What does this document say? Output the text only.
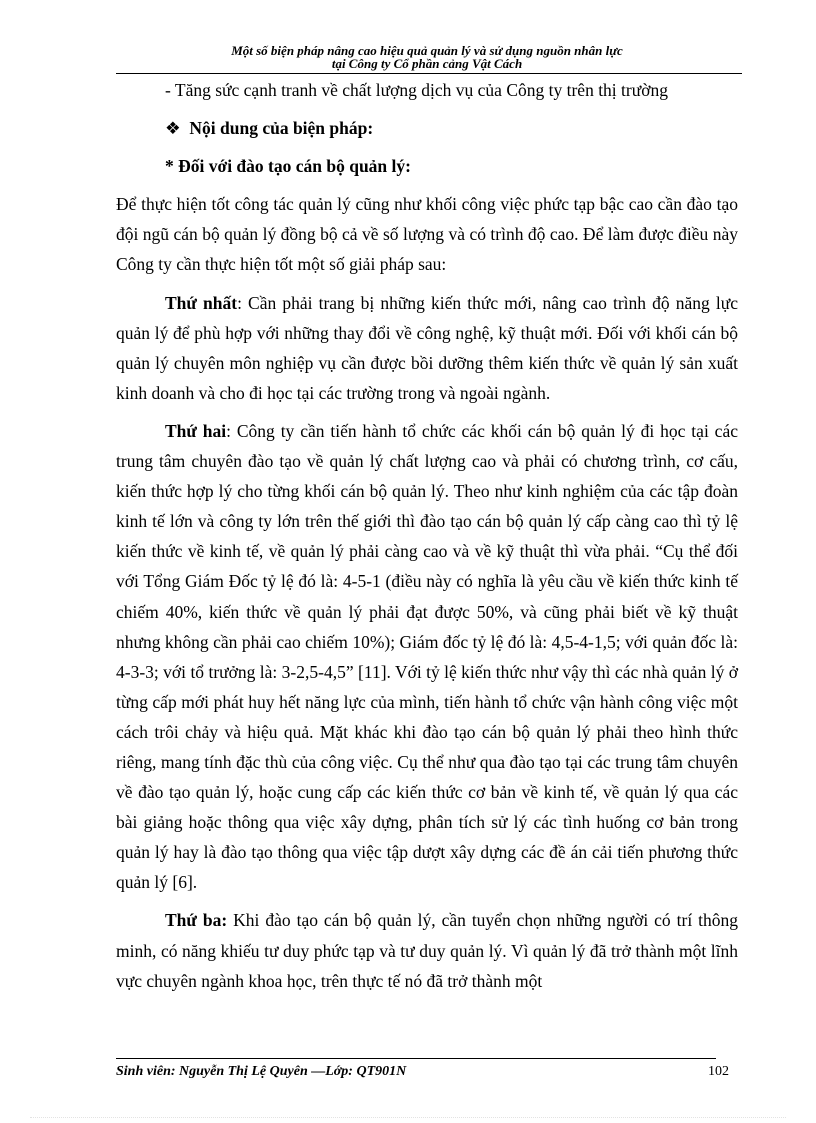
Một số biện pháp nâng cao hiệu quả quản lý và sử dụng nguồn nhân lực
tại Công ty Cổ phần cảng Vật Cách

- Tăng sức cạnh tranh về chất lượng dịch vụ của Công ty trên thị trường

❖ Nội dung của biện pháp:

* Đối với đào tạo cán bộ quản lý:

Để thực hiện tốt công tác quản lý cũng như khối công việc phức tạp bậc cao cần đào tạo đội ngũ cán bộ quản lý đồng bộ cả về số lượng và có trình độ cao. Để làm được điều này Công ty cần thực hiện tốt một số giải pháp sau:

Thứ nhất: Cần phải trang bị những kiến thức mới, nâng cao trình độ năng lực quản lý để phù hợp với những thay đổi về công nghệ, kỹ thuật mới. Đối với khối cán bộ quản lý chuyên môn nghiệp vụ cần được bồi dưỡng thêm kiến thức về quản lý sản xuất kinh doanh và cho đi học tại các trường trong và ngoài ngành.

Thứ hai: Công ty cần tiến hành tổ chức các khối cán bộ quản lý đi học tại các trung tâm chuyên đào tạo về quản lý chất lượng cao và phải có chương trình, cơ cấu, kiến thức hợp lý cho từng khối cán bộ quản lý. Theo như kinh nghiệm của các tập đoàn kinh tế lớn và công ty lớn trên thế giới thì đào tạo cán bộ quản lý cấp càng cao thì tỷ lệ kiến thức về kinh tế, về quản lý phải càng cao và về kỹ thuật thì vừa phải. “Cụ thể đối với Tổng Giám Đốc tỷ lệ đó là: 4-5-1 (điều này có nghĩa là yêu cầu về kiến thức kinh tế chiếm 40%, kiến thức về quản lý phải đạt được 50%, và cũng phải biết về kỹ thuật nhưng không cần phải cao chiếm 10%); Giám đốc tỷ lệ đó là: 4,5-4-1,5; với quản đốc là: 4-3-3; với tổ trưởng là: 3-2,5-4,5” [11]. Với tỷ lệ kiến thức như vậy thì các nhà quản lý ở từng cấp mới phát huy hết năng lực của mình, tiến hành tổ chức vận hành công việc một cách trôi chảy và hiệu quả. Mặt khác khi đào tạo cán bộ quản lý phải theo hình thức riêng, mang tính đặc thù của công việc. Cụ thể như qua đào tạo tại các trung tâm chuyên về đào tạo quản lý, hoặc cung cấp các kiến thức cơ bản về kinh tế, về quản lý qua các bài giảng hoặc thông qua việc xây dựng, phân tích sử lý các tình huống cơ bản trong quản lý hay là đào tạo thông qua việc tập dượt xây dựng các đề án cải tiến phương thức quản lý [6].

Thứ ba: Khi đào tạo cán bộ quản lý, cần tuyển chọn những người có trí thông minh, có năng khiếu tư duy phức tạp và tư duy quản lý. Vì quản lý đã trở thành một lĩnh vực chuyên ngành khoa học, trên thực tế nó đã trở thành một

Sinh viên: Nguyễn Thị Lệ Quyên —Lớp: QT901N	102
